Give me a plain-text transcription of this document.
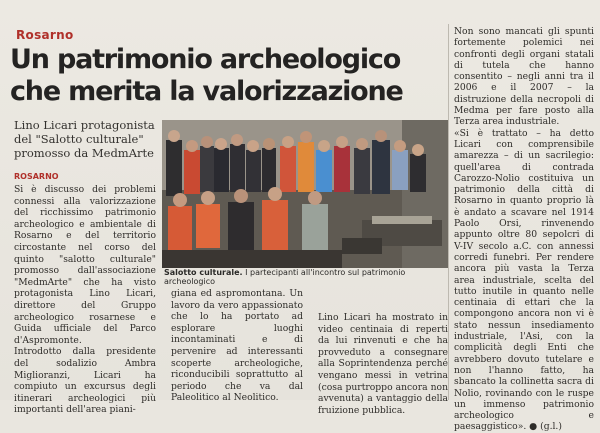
Rosarno
Un patrimonio archeologico
che merita la valorizzazione
Lino Licari protagonista del "Salotto culturale" promosso da MedmArte
ROSARNO
Si è discusso dei problemi connessi alla valorizzazione del ricchissimo patrimonio archeologico e ambientale di Rosarno e del territorio circostante nel corso del quinto "salotto culturale" promosso dall'associazione "MedmArte" che ha visto protagonista Lino Licari, direttore del Gruppo archeologico rosarnese e Guida ufficiale del Parco d'Aspromonte.
Introdotto dalla presidente del sodalizio Ambra Miglioranzi, Licari ha compiuto un excursus degli itinerari archeologici più importanti dell'area piani-
Salotto culturale. I partecipanti all'incontro sul patrimonio archeologico
giana ed aspromontana. Un lavoro da vero appassionato che lo ha portato ad esplorare luoghi incontaminati e di pervenire ad interessanti scoperte archeologiche, riconducibili soprattutto al periodo che va dal Paleolitico al Neolitico.
Lino Licari ha mostrato in video centinaia di reperti da lui rinvenuti e che ha provveduto a consegnare alla Soprintendenza perché vengano messi in vetrina (cosa purtroppo ancora non avvenuta) a vantaggio della fruizione pubblica.
Non sono mancati gli spunti fortemente polemici nei confronti degli organi statali di tutela che hanno consentito – negli anni tra il 2006 e il 2007 – la distruzione della necropoli di Medma per fare posto alla Terza area industriale.
«Si è trattato – ha detto Licari con comprensibile amarezza – di un sacrilegio: quell'area di contrada Carozzo-Nolio costituiva un patrimonio della città di Rosarno in quanto proprio là è andato a scavare nel 1914 Paolo Orsi, rinvenendo appunto oltre 80 sepolcri di V-IV secolo a.C. con annessi corredi funebri. Per rendere ancora più vasta la Terza area industriale, scelta del tutto inutile in quanto nelle centinaia di ettari che la compongono ancora non vi è stato nessun insediamento industriale, l'Asi, con la complicità degli Enti che avrebbero dovuto tutelare e non l'hanno fatto, ha sbancato la collinetta sacra di Nolio, rovinando con le ruspe un immenso patrimonio archeologico e paesaggistico». ● (g.l.)
